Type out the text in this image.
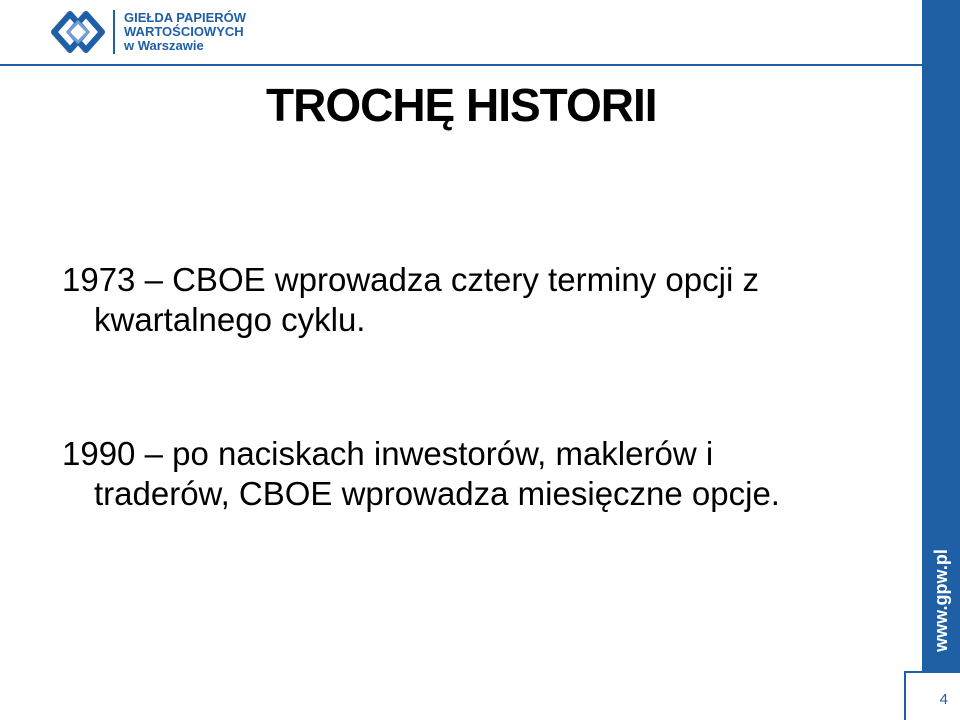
GIEŁDA PAPIERÓW
WARTOŚCIOWYCH
w Warszawie
www.gpw.pl
4
TROCHĘ HISTORII
1973 – CBOE wprowadza cztery terminy opcji z
kwartalnego cyklu.
1990 – po naciskach inwestorów, maklerów i
traderów, CBOE wprowadza miesięczne opcje.
